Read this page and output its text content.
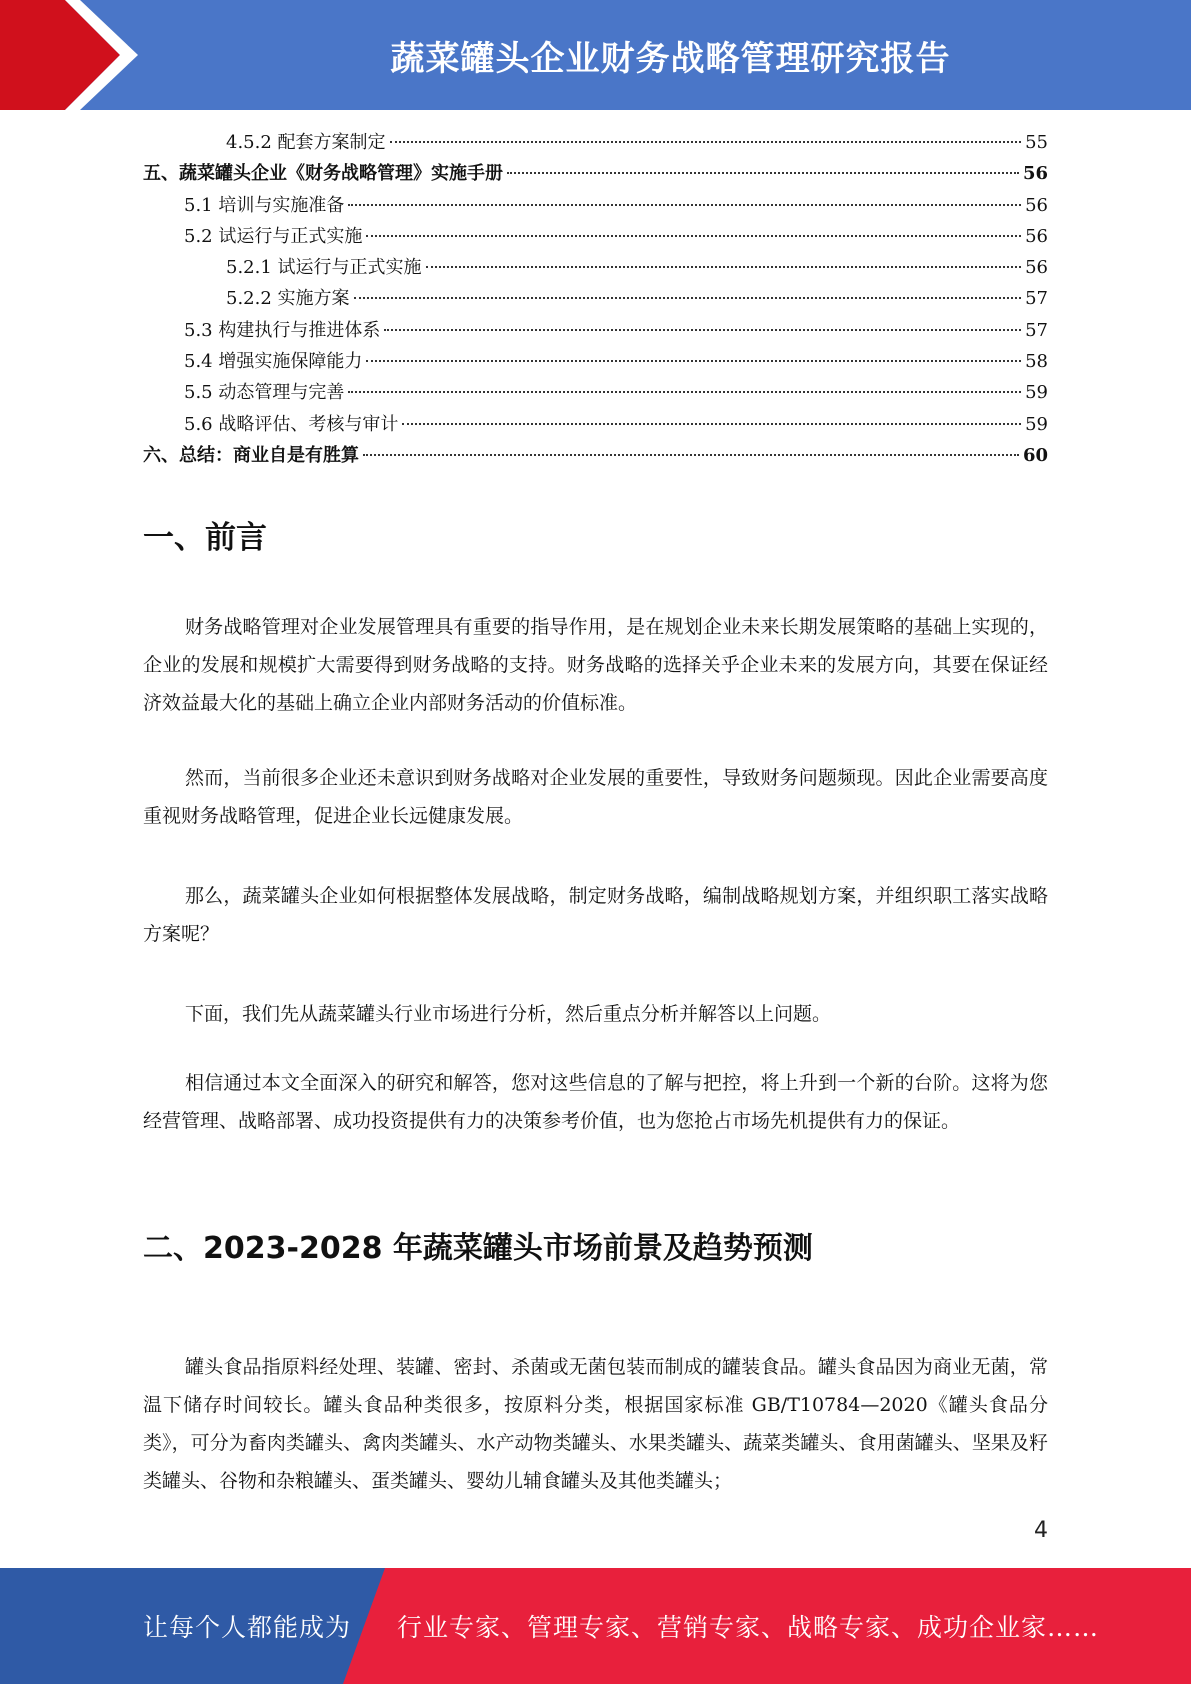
蔬菜罐头企业财务战略管理研究报告
4.5.2 配套方案制定	55
五、蔬菜罐头企业《财务战略管理》实施手册	56
5.1 培训与实施准备	56
5.2 试运行与正式实施	56
5.2.1 试运行与正式实施	56
5.2.2 实施方案	57
5.3 构建执行与推进体系	57
5.4 增强实施保障能力	58
5.5 动态管理与完善	59
5.6 战略评估、考核与审计	59
六、总结：商业自是有胜算	60
一、前言

财务战略管理对企业发展管理具有重要的指导作用，是在规划企业未来长期发展策略的基础上实现的，企业的发展和规模扩大需要得到财务战略的支持。财务战略的选择关乎企业未来的发展方向，其要在保证经济效益最大化的基础上确立企业内部财务活动的价值标准。

然而，当前很多企业还未意识到财务战略对企业发展的重要性，导致财务问题频现。因此企业需要高度重视财务战略管理，促进企业长远健康发展。

那么，蔬菜罐头企业如何根据整体发展战略，制定财务战略，编制战略规划方案，并组织职工落实战略方案呢？

下面，我们先从蔬菜罐头行业市场进行分析，然后重点分析并解答以上问题。

相信通过本文全面深入的研究和解答，您对这些信息的了解与把控，将上升到一个新的台阶。这将为您经营管理、战略部署、成功投资提供有力的决策参考价值，也为您抢占市场先机提供有力的保证。

二、2023-2028 年蔬菜罐头市场前景及趋势预测

罐头食品指原料经处理、装罐、密封、杀菌或无菌包装而制成的罐装食品。罐头食品因为商业无菌，常温下储存时间较长。罐头食品种类很多，按原料分类，根据国家标准 GB/T10784—2020《罐头食品分类》，可分为畜肉类罐头、禽肉类罐头、水产动物类罐头、水果类罐头、蔬菜类罐头、食用菌罐头、坚果及籽类罐头、谷物和杂粮罐头、蛋类罐头、婴幼儿辅食罐头及其他类罐头；

4
让每个人都能成为 行业专家、管理专家、营销专家、战略专家、成功企业家……
